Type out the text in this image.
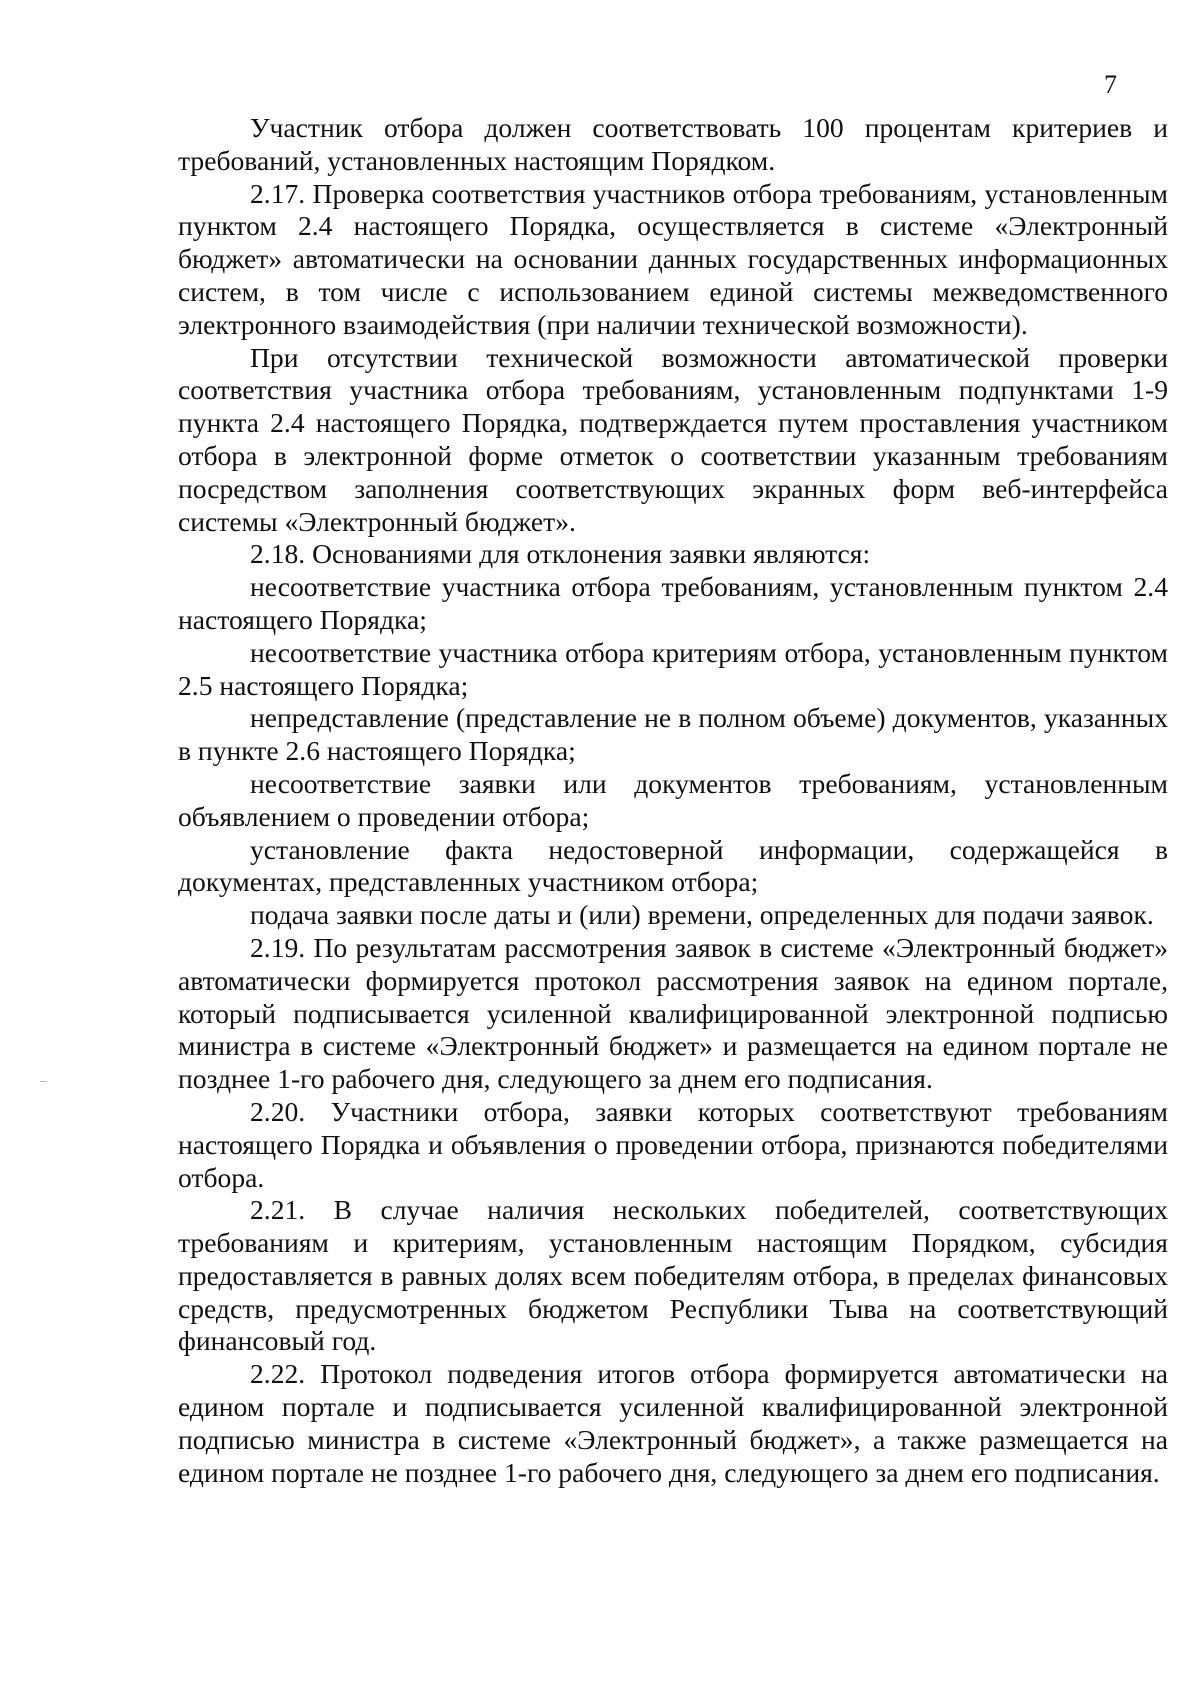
7

Участник отбора должен соответствовать 100 процентам критериев и требований, установленных настоящим Порядком.

2.17. Проверка соответствия участников отбора требованиям, установленным пунктом 2.4 настоящего Порядка, осуществляется в системе «Электронный бюджет» автоматически на основании данных государственных информационных систем, в том числе с использованием единой системы межведомственного электронного взаимодействия (при наличии технической возможности).

При отсутствии технической возможности автоматической проверки соответствия участника отбора требованиям, установленным подпунктами 1-9 пункта 2.4 настоящего Порядка, подтверждается путем проставления участником отбора в электронной форме отметок о соответствии указанным требованиям посредством заполнения соответствующих экранных форм веб-интерфейса системы «Электронный бюджет».

2.18. Основаниями для отклонения заявки являются:

несоответствие участника отбора требованиям, установленным пунктом 2.4 настоящего Порядка;

несоответствие участника отбора критериям отбора, установленным пунктом 2.5 настоящего Порядка;

непредставление (представление не в полном объеме) документов, указанных в пункте 2.6 настоящего Порядка;

несоответствие заявки или документов требованиям, установленным объявлением о проведении отбора;

установление факта недостоверной информации, содержащейся в документах, представленных участником отбора;

подача заявки после даты и (или) времени, определенных для подачи заявок.

2.19. По результатам рассмотрения заявок в системе «Электронный бюджет» автоматически формируется протокол рассмотрения заявок на едином портале, который подписывается усиленной квалифицированной электронной подписью министра в системе «Электронный бюджет» и размещается на едином портале не позднее 1-го рабочего дня, следующего за днем его подписания.

2.20. Участники отбора, заявки которых соответствуют требованиям настоящего Порядка и объявления о проведении отбора, признаются победителями отбора.

2.21. В случае наличия нескольких победителей, соответствующих требованиям и критериям, установленным настоящим Порядком, субсидия предоставляется в равных долях всем победителям отбора, в пределах финансовых средств, предусмотренных бюджетом Республики Тыва на соответствующий финансовый год.

2.22. Протокол подведения итогов отбора формируется автоматически на едином портале и подписывается усиленной квалифицированной электронной подписью министра в системе «Электронный бюджет», а также размещается на едином портале не позднее 1-го рабочего дня, следующего за днем его подписания.
